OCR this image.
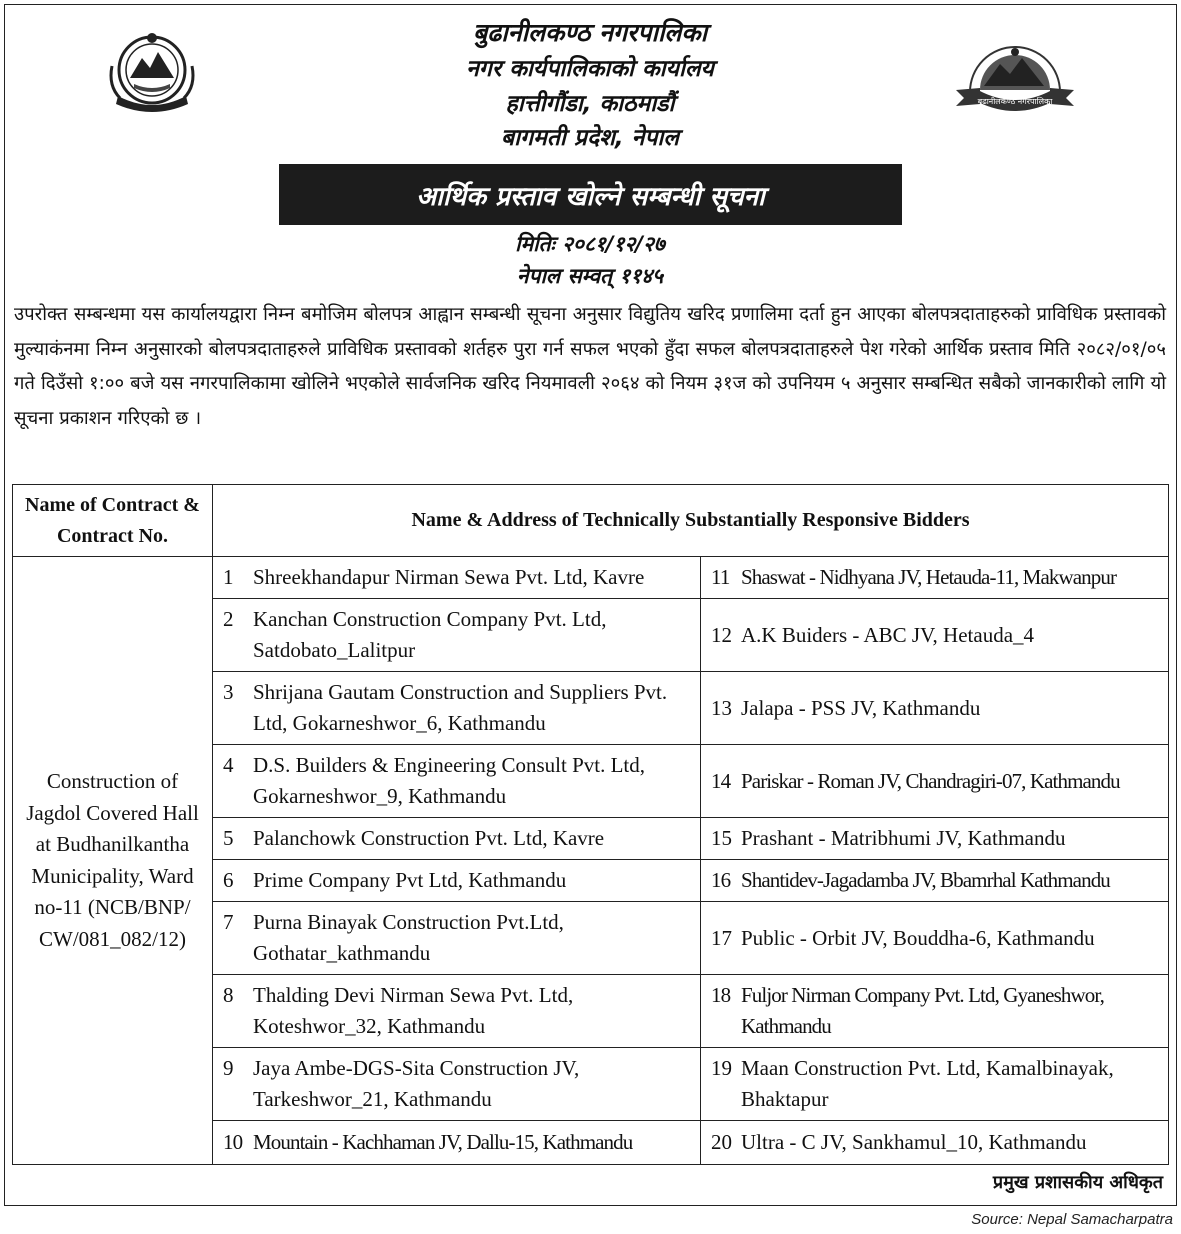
बुढानीलकण्ठ नगरपालिका
बुढानीलकण्ठ नगरपालिका
नगर कार्यपालिकाको कार्यालय
हात्तीगौंडा, काठमाडौं
बागमती प्रदेश, नेपाल
आर्थिक प्रस्ताव खोल्ने सम्बन्धी सूचना
मितिः २०८१/१२/२७
नेपाल सम्वत् ११४५
उपरोक्त सम्बन्धमा यस कार्यालयद्वारा निम्न बमोजिम बोलपत्र आह्वान सम्बन्धी सूचना अनुसार विद्युतिय खरिद प्रणालिमा दर्ता हुन आएका बोलपत्रदाताहरुको प्राविधिक प्रस्तावको मुल्याकंनमा निम्न अनुसारको बोलपत्रदाताहरुले प्राविधिक प्रस्तावको शर्तहरु पुरा गर्न सफल भएको हुँदा सफल बोलपत्रदाताहरुले पेश गरेको आर्थिक प्रस्ताव मिति २०८२/०१/०५ गते दिउँसो १:०० बजे यस नगरपालिकामा खोलिने भएकोले सार्वजनिक खरिद नियमावली २०६४ को नियम ३१ज को उपनियम ५ अनुसार सम्बन्धित सबैको जानकारीको लागि यो सूचना प्रकाशन गरिएको छ ।
Name of Contract & Contract No.	Name & Address of Technically Substantially Responsive Bidders	
Construction of Jagdol Covered Hall at Budhanilkantha Municipality, Ward no-11 (NCB/BNP/ CW/081_082/12)	1 Shreekhandapur Nirman Sewa Pvt. Ltd, Kavre	11 Shaswat - Nidhyana JV, Hetauda-11, Makwanpur

	2 Kanchan Construction Company Pvt. Ltd, Satdobato_Lalitpur	12 A.K Buiders - ABC JV, Hetauda_4

	3 Shrijana Gautam Construction and Suppliers Pvt. Ltd, Gokarneshwor_6, Kathmandu	13 Jalapa - PSS JV, Kathmandu

	4 D.S. Builders & Engineering Consult Pvt. Ltd, Gokarneshwor_9, Kathmandu	14 Pariskar - Roman JV, Chandragiri-07, Kathmandu

	5 Palanchowk Construction Pvt. Ltd, Kavre	15 Prashant - Matribhumi JV, Kathmandu

	6 Prime Company Pvt Ltd, Kathmandu	16 Shantidev-Jagadamba JV, Bbamrhal Kathmandu

	7 Purna Binayak Construction Pvt.Ltd, Gothatar_kathmandu	17 Public - Orbit JV, Bouddha-6, Kathmandu

	8 Thalding Devi Nirman Sewa Pvt. Ltd, Koteshwor_32, Kathmandu	18 Fuljor Nirman Company Pvt. Ltd, Gyaneshwor, Kathmandu

	9 Jaya Ambe-DGS-Sita Construction JV, Tarkeshwor_21, Kathmandu	19 Maan Construction Pvt. Ltd, Kamalbinayak, Bhaktapur

	10 Mountain - Kachhaman JV, Dallu-15, Kathmandu	20 Ultra - C JV, Sankhamul_10, Kathmandu
प्रमुख प्रशासकीय अधिकृत
Source: Nepal Samacharpatra
